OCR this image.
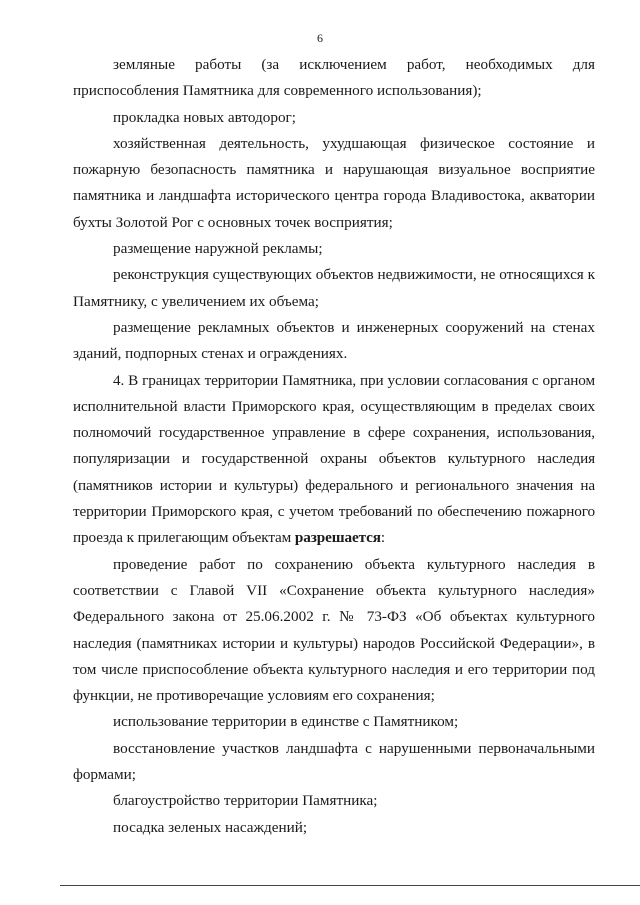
6

земляные работы (за исключением работ, необходимых для приспособления Памятника для современного использования);

прокладка новых автодорог;

хозяйственная деятельность, ухудшающая физическое состояние и пожарную безопасность памятника и нарушающая визуальное восприятие памятника и ландшафта исторического центра города Владивостока, акватории бухты Золотой Рог с основных точек восприятия;

размещение наружной рекламы;

реконструкция существующих объектов недвижимости, не относящихся к Памятнику, с увеличением их объема;

размещение рекламных объектов и инженерных сооружений на стенах зданий, подпорных стенах и ограждениях.

4. В границах территории Памятника, при условии согласования с органом исполнительной власти Приморского края, осуществляющим в пределах своих полномочий государственное управление в сфере сохранения, использования, популяризации и государственной охраны объектов культурного наследия (памятников истории и культуры) федерального и регионального значения на территории Приморского края, с учетом требований по обеспечению пожарного проезда к прилегающим объектам разрешается:

проведение работ по сохранению объекта культурного наследия в соответствии с Главой VII «Сохранение объекта культурного наследия» Федерального закона от 25.06.2002 г. № 73-ФЗ «Об объектах культурного наследия (памятниках истории и культуры) народов Российской Федерации», в том числе приспособление объекта культурного наследия и его территории под функции, не противоречащие условиям его сохранения;

использование территории в единстве с Памятником;

восстановление участков ландшафта с нарушенными первоначальными формами;

благоустройство территории Памятника;

посадка зеленых насаждений;
